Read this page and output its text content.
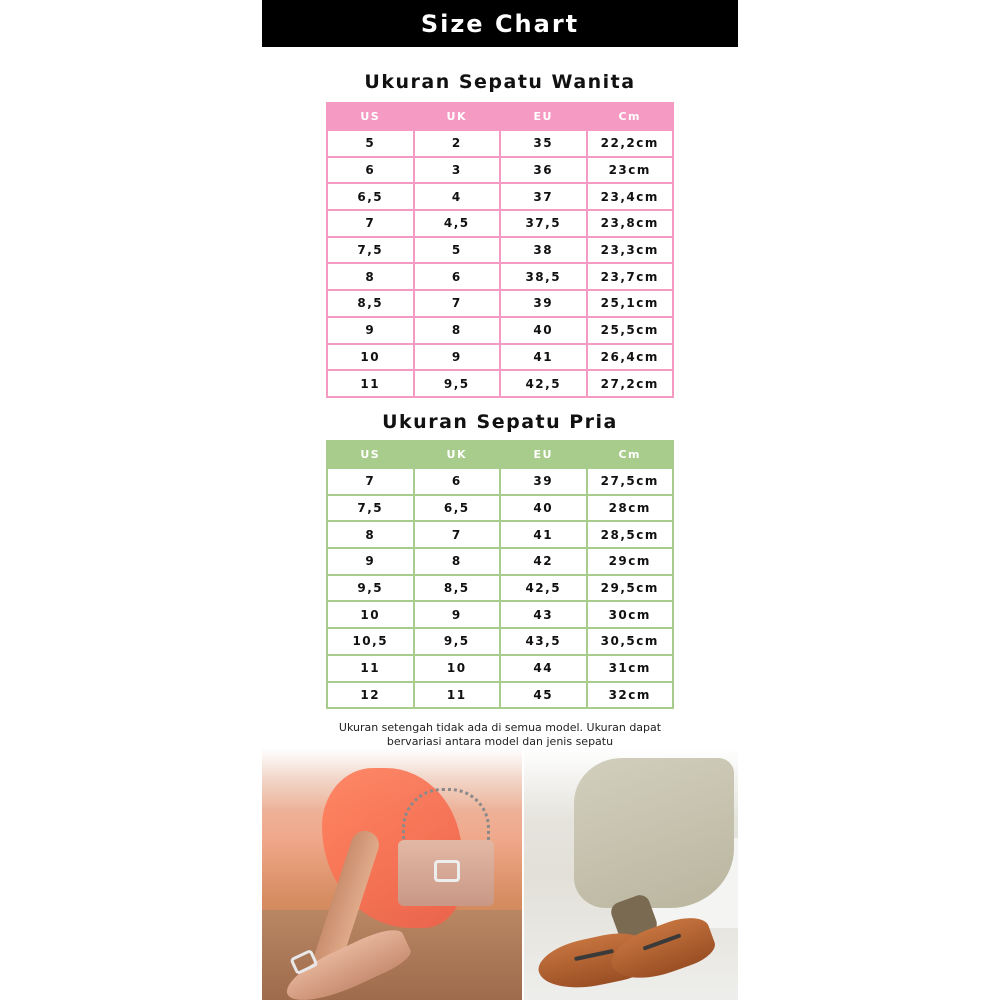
Size Chart
Ukuran Sepatu Wanita
US	UK	EU	Cm
5	2	35	22,2cm
6	3	36	23cm
6,5	4	37	23,4cm
7	4,5	37,5	23,8cm
7,5	5	38	23,3cm
8	6	38,5	23,7cm
8,5	7	39	25,1cm
9	8	40	25,5cm
10	9	41	26,4cm
11	9,5	42,5	27,2cm
Ukuran Sepatu Pria
US	UK	EU	Cm
7	6	39	27,5cm
7,5	6,5	40	28cm
8	7	41	28,5cm
9	8	42	29cm
9,5	8,5	42,5	29,5cm
10	9	43	30cm
10,5	9,5	43,5	30,5cm
11	10	44	31cm
12	11	45	32cm
Ukuran setengah tidak ada di semua model. Ukuran dapat
bervariasi antara model dan jenis sepatu
